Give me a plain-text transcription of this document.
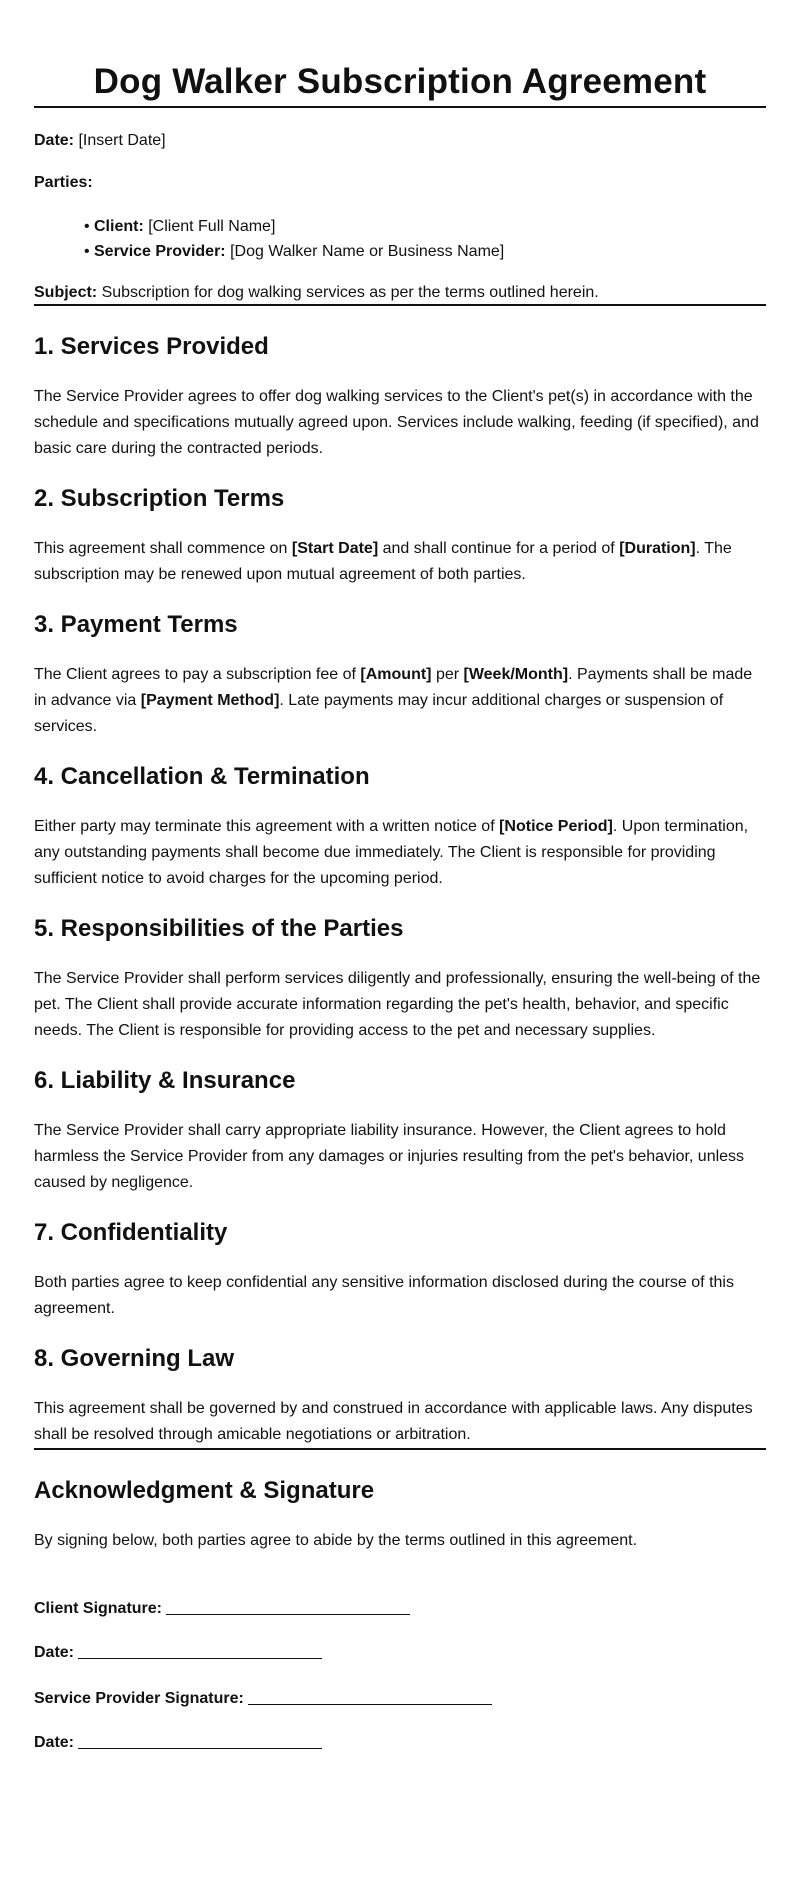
Dog Walker Subscription Agreement

Date: [Insert Date]

Parties:

• Client: [Client Full Name]
• Service Provider: [Dog Walker Name or Business Name]

Subject: Subscription for dog walking services as per the terms outlined herein.

1. Services Provided

The Service Provider agrees to offer dog walking services to the Client's pet(s) in accordance with the schedule and specifications mutually agreed upon. Services include walking, feeding (if specified), and basic care during the contracted periods.

2. Subscription Terms

This agreement shall commence on [Start Date] and shall continue for a period of [Duration]. The subscription may be renewed upon mutual agreement of both parties.

3. Payment Terms

The Client agrees to pay a subscription fee of [Amount] per [Week/Month]. Payments shall be made in advance via [Payment Method]. Late payments may incur additional charges or suspension of services.

4. Cancellation & Termination

Either party may terminate this agreement with a written notice of [Notice Period]. Upon termination, any outstanding payments shall become due immediately. The Client is responsible for providing sufficient notice to avoid charges for the upcoming period.

5. Responsibilities of the Parties

The Service Provider shall perform services diligently and professionally, ensuring the well-being of the pet. The Client shall provide accurate information regarding the pet's health, behavior, and specific needs. The Client is responsible for providing access to the pet and necessary supplies.

6. Liability & Insurance

The Service Provider shall carry appropriate liability insurance. However, the Client agrees to hold harmless the Service Provider from any damages or injuries resulting from the pet's behavior, unless caused by negligence.

7. Confidentiality

Both parties agree to keep confidential any sensitive information disclosed during the course of this agreement.

8. Governing Law

This agreement shall be governed by and construed in accordance with applicable laws. Any disputes shall be resolved through amicable negotiations or arbitration.

Acknowledgment & Signature

By signing below, both parties agree to abide by the terms outlined in this agreement.

Client Signature:

Date:

Service Provider Signature:

Date:
